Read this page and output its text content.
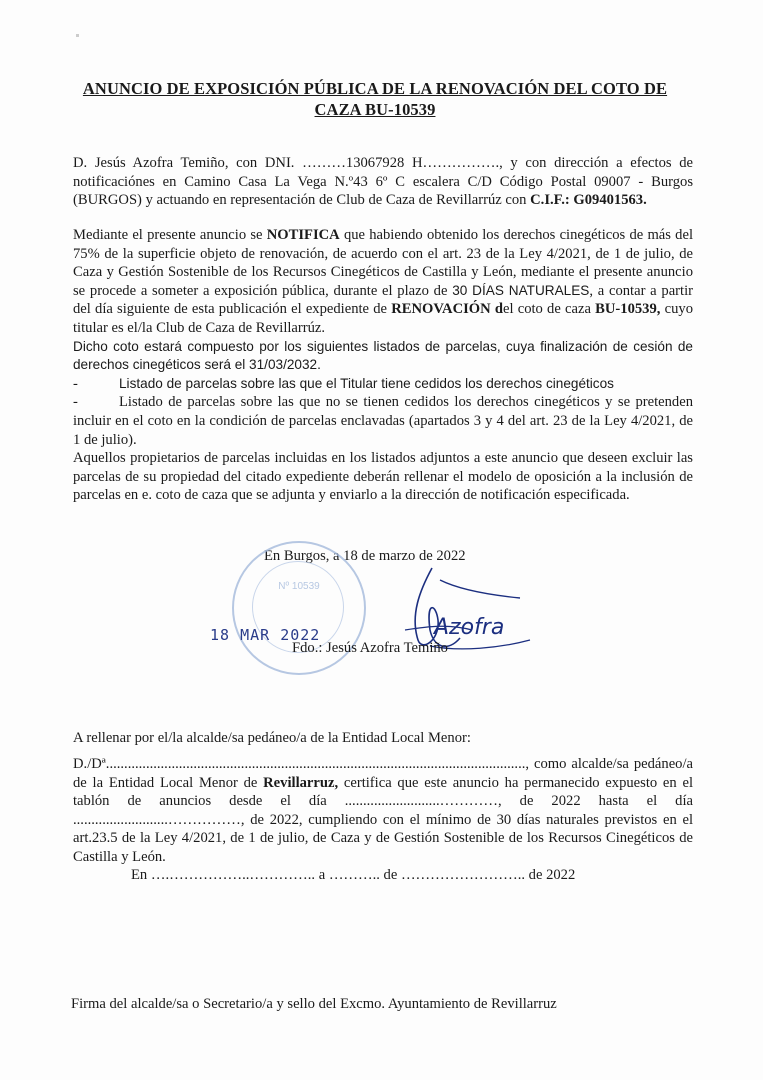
ANUNCIO DE EXPOSICIÓN PÚBLICA DE LA RENOVACIÓN DEL COTO DE CAZA BU-10539
D. Jesús Azofra Temiño, con DNI. ………13067928 H……………., y con dirección a efectos de notificaciónes en Camino Casa La Vega N.º43 6º C escalera C/D Código Postal 09007 - Burgos (BURGOS) y actuando en representación de Club de Caza de Revillarrúz con C.I.F.: G09401563.
Mediante el presente anuncio se NOTIFICA que habiendo obtenido los derechos cinegéticos de más del 75% de la superficie objeto de renovación, de acuerdo con el art. 23 de la Ley 4/2021, de 1 de julio, de Caza y Gestión Sostenible de los Recursos Cinegéticos de Castilla y León, mediante el presente anuncio se procede a someter a exposición pública, durante el plazo de 30 DÍAS NATURALES, a contar a partir del día siguiente de esta publicación el expediente de RENOVACIÓN del coto de caza BU-10539, cuyo titular es el/la Club de Caza de Revillarrúz.
Dicho coto estará compuesto por los siguientes listados de parcelas, cuya finalización de cesión de derechos cinegéticos será el 31/03/2032.
-	Listado de parcelas sobre las que el Titular tiene cedidos los derechos cinegéticos
-	Listado de parcelas sobre las que no se tienen cedidos los derechos cinegéticos y se pretenden incluir en el coto en la condición de parcelas enclavadas (apartados 3 y 4 del art. 23 de la Ley 4/2021, de 1 de julio).
Aquellos propietarios de parcelas incluidas en los listados adjuntos a este anuncio que deseen excluir las parcelas de su propiedad del citado expediente deberán rellenar el modelo de oposición a la inclusión de parcelas en e. coto de caza que se adjunta y enviarlo a la dirección de notificación especificada.
En Burgos, a 18 de marzo de 2022
Nº 10539
18 MAR 2022	Azofra
Fdo.: Jesús Azofra Temiño
A rellenar por el/la alcalde/sa pedáneo/a de la Entidad Local Menor:
D./Dª..................................................................................................................., como alcalde/sa pedáneo/a de la Entidad Local Menor de Revillarruz, certifica que este anuncio ha permanecido expuesto en el tablón de anuncios desde el día ..........................…………, de 2022 hasta el día ..........................……………, de 2022, cumpliendo con el mínimo de 30 días naturales previstos en el art.23.5 de la Ley 4/2021, de 1 de julio, de Caza y de Gestión Sostenible de los Recursos Cinegéticos de Castilla y León.
En ….……………..………….. a ……….. de …………………….. de 2022
Firma del alcalde/sa o Secretario/a y sello del Excmo. Ayuntamiento de Revillarruz
